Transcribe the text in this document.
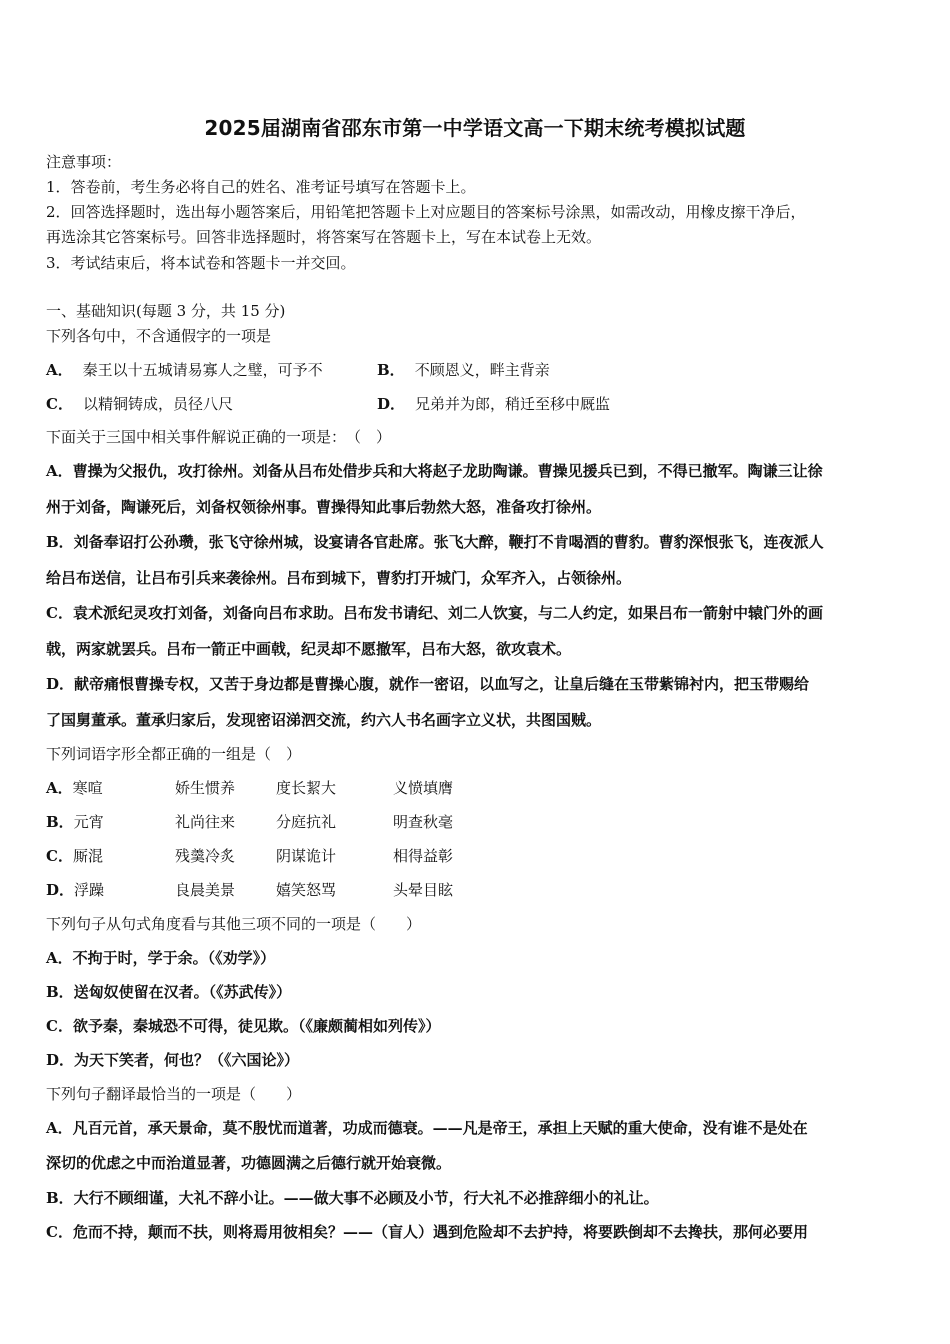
2025届湖南省邵东市第一中学语文高一下期末统考模拟试题
注意事项：
1．答卷前，考生务必将自己的姓名、准考证号填写在答题卡上。
2．回答选择题时，选出每小题答案后，用铅笔把答题卡上对应题目的答案标号涂黑，如需改动，用橡皮擦干净后，
再选涂其它答案标号。回答非选择题时，将答案写在答题卡上，写在本试卷上无效。
3．考试结束后，将本试卷和答题卡一并交回。
一、基础知识(每题 3 分，共 15 分)
下列各句中，不含通假字的一项是
A． 秦王以十五城请易寡人之璧，可予不	B． 不顾恩义，畔主背亲
C． 以精铜铸成，员径八尺	D． 兄弟并为郎，稍迁至移中厩监
下面关于三国中相关事件解说正确的一项是：　（　）
A．曹操为父报仇，攻打徐州。刘备从吕布处借步兵和大将赵子龙助陶谦。曹操见援兵已到，不得已撤军。陶谦三让徐
州于刘备，陶谦死后，刘备权领徐州事。曹操得知此事后勃然大怒，准备攻打徐州。
B．刘备奉诏打公孙瓒，张飞守徐州城，设宴请各官赴席。张飞大醉，鞭打不肯喝酒的曹豹。曹豹深恨张飞，连夜派人
给吕布送信，让吕布引兵来袭徐州。吕布到城下，曹豹打开城门，众军齐入，占领徐州。
C．袁术派纪灵攻打刘备，刘备向吕布求助。吕布发书请纪、刘二人饮宴，与二人约定，如果吕布一箭射中辕门外的画
戟，两家就罢兵。吕布一箭正中画戟，纪灵却不愿撤军，吕布大怒，欲攻袁术。
D．献帝痛恨曹操专权，又苦于身边都是曹操心腹，就作一密诏，以血写之，让皇后缝在玉带紫锦衬内，把玉带赐给
了国舅董承。董承归家后，发现密诏涕泗交流，约六人书名画字立义状，共图国贼。
下列词语字形全都正确的一组是（　）
A．寒喧	娇生惯养	度长絜大	义愤填膺
B．元宵	礼尚往来	分庭抗礼	明查秋毫
C．厮混	残羹冷炙	阴谋诡计	相得益彰
D．浮躁	良晨美景	嬉笑怒骂	头晕目眩
下列句子从句式角度看与其他三项不同的一项是（　　）
A．不拘于时，学于余。（《劝学》）
B．送匈奴使留在汉者。（《苏武传》）
C．欲予秦，秦城恐不可得，徒见欺。（《廉颇蔺相如列传》）
D．为天下笑者，何也？（《六国论》）
下列句子翻译最恰当的一项是（　　）
A．凡百元首，承天景命，莫不殷忧而道著，功成而德衰。——凡是帝王，承担上天赋的重大使命，没有谁不是处在
深切的优虑之中而治道显著，功德圆满之后德行就开始衰微。
B．大行不顾细谨，大礼不辞小让。——做大事不必顾及小节，行大礼不必推辞细小的礼让。
C．危而不持，颠而不扶，则将焉用彼相矣？——（盲人）遇到危险却不去护持，将要跌倒却不去搀扶，那何必要用
